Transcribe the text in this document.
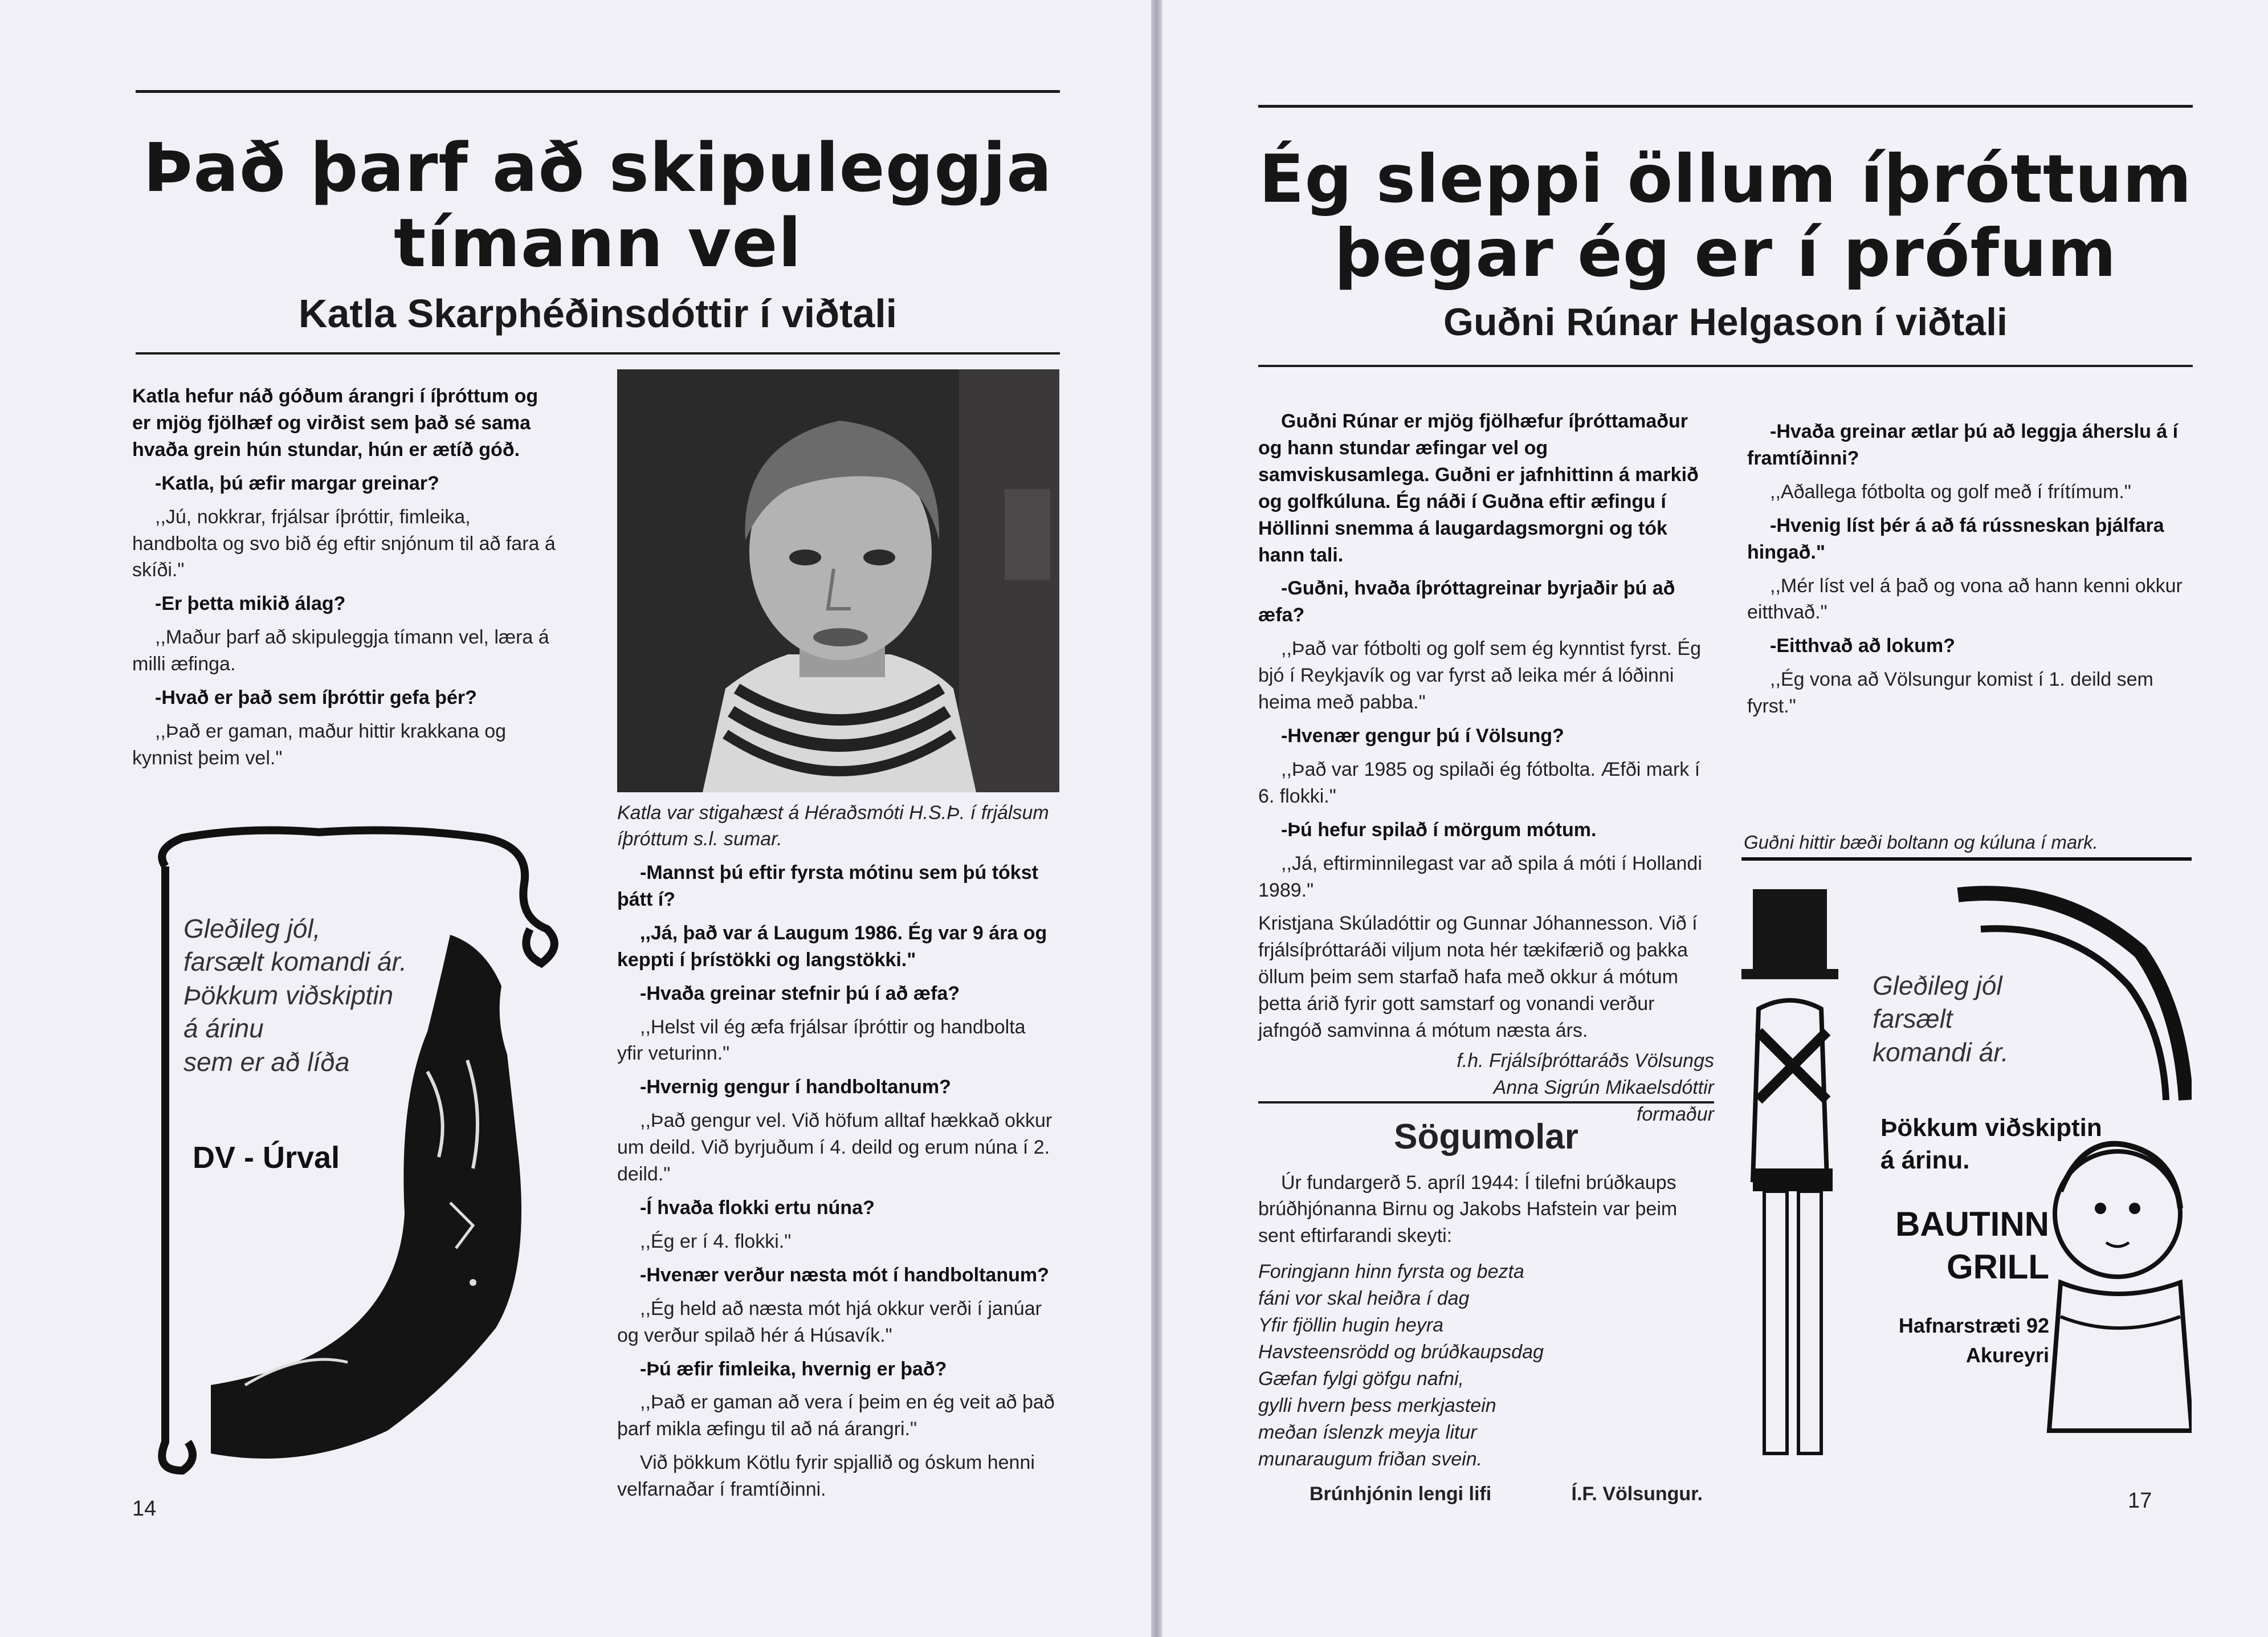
Það þarf að skipuleggja
tímann vel
Katla Skarphéðinsdóttir í viðtali

Katla hefur náð góðum árangri í íþróttum og er mjög fjölhæf og virðist sem það sé sama hvaða grein hún stundar, hún er ætíð góð.

-Katla, þú æfir margar greinar?

,,Jú, nokkrar, frjálsar íþróttir, fimleika, handbolta og svo bið ég eftir snjónum til að fara á skíði."

-Er þetta mikið álag?

,,Maður þarf að skipuleggja tímann vel, læra á milli æfinga.

-Hvað er það sem íþróttir gefa þér?

,,Það er gaman, maður hittir krakkana og kynnist þeim vel."

Katla var stigahæst á Héraðsmóti H.S.Þ. í frjálsum íþróttum s.l. sumar.

-Mannst þú eftir fyrsta mótinu sem þú tókst þátt í?

,,Já, það var á Laugum 1986. Ég var 9 ára og keppti í þrístökki og langstökki."

-Hvaða greinar stefnir þú í að æfa?

,,Helst vil ég æfa frjálsar íþróttir og handbolta yfir veturinn."

-Hvernig gengur í handboltanum?

,,Það gengur vel. Við höfum alltaf hækkað okkur um deild. Við byrjuðum í 4. deild og erum núna í 2. deild."

-Í hvaða flokki ertu núna?

,,Ég er í 4. flokki."

-Hvenær verður næsta mót í handboltanum?

,,Ég held að næsta mót hjá okkur verði í janúar og verður spilað hér á Húsavík."

-Þú æfir fimleika, hvernig er það?

,,Það er gaman að vera í þeim en ég veit að það þarf mikla æfingu til að ná árangri."

Við þökkum Kötlu fyrir spjallið og óskum henni velfarnaðar í framtíðinni.

Gleðileg jól,
farsælt komandi ár.
Þökkum viðskiptin
á árinu
sem er að líða
DV - Úrval
14
Ég sleppi öllum íþróttum
þegar ég er í prófum
Guðni Rúnar Helgason í viðtali

Guðni Rúnar er mjög fjölhæfur íþróttamaður og hann stundar æfingar vel og samviskusamlega. Guðni er jafnhittinn á markið og golfkúluna. Ég náði í Guðna eftir æfingu í Höllinni snemma á laugardagsmorgni og tók hann tali.

-Guðni, hvaða íþróttagreinar byrjaðir þú að æfa?

,,Það var fótbolti og golf sem ég kynntist fyrst. Ég bjó í Reykjavík og var fyrst að leika mér á lóðinni heima með pabba."

-Hvenær gengur þú í Völsung?

,,Það var 1985 og spilaði ég fótbolta. Æfði mark í 6. flokki."

-Þú hefur spilað í mörgum mótum.

,,Já, eftirminnilegast var að spila á móti í Hollandi 1989."

Kristjana Skúladóttir og Gunnar Jóhannesson. Við í frjálsíþróttaráði viljum nota hér tækifærið og þakka öllum þeim sem starfað hafa með okkur á mótum þetta árið fyrir gott samstarf og vonandi verður jafngóð samvinna á mótum næsta árs.

f.h. Frjálsíþróttaráðs Völsungs
Anna Sigrún Mikaelsdóttir
formaður
Sögumolar

Úr fundargerð 5. apríl 1944: Í tilefni brúðkaups brúðhjónanna Birnu og Jakobs Hafstein var þeim sent eftirfarandi skeyti:

Foringjann hinn fyrsta og bezta
fáni vor skal heiðra í dag
Yfir fjöllin hugin heyra
Havsteensrödd og brúðkaupsdag
Gæfan fylgi göfgu nafni,
gylli hvern þess merkjastein
meðan íslenzk meyja litur
munaraugum friðan svein.
Brúnhjónin lengi lifi	Í.F. Völsungur.

-Hvaða greinar ætlar þú að leggja áherslu á í framtíðinni?

,,Aðallega fótbolta og golf með í frítímum."

-Hvenig líst þér á að fá rússneskan þjálfara hingað."

,,Mér líst vel á það og vona að hann kenni okkur eitthvað."

-Eitthvað að lokum?

,,Ég vona að Völsungur komist í 1. deild sem fyrst."

Guðni hittir bæði boltann og kúluna í mark.
Gleðileg jól
farsælt
komandi ár.
Þökkum viðskiptin
á árinu.
BAUTINN
GRILL
Hafnarstræti 92
Akureyri
17
